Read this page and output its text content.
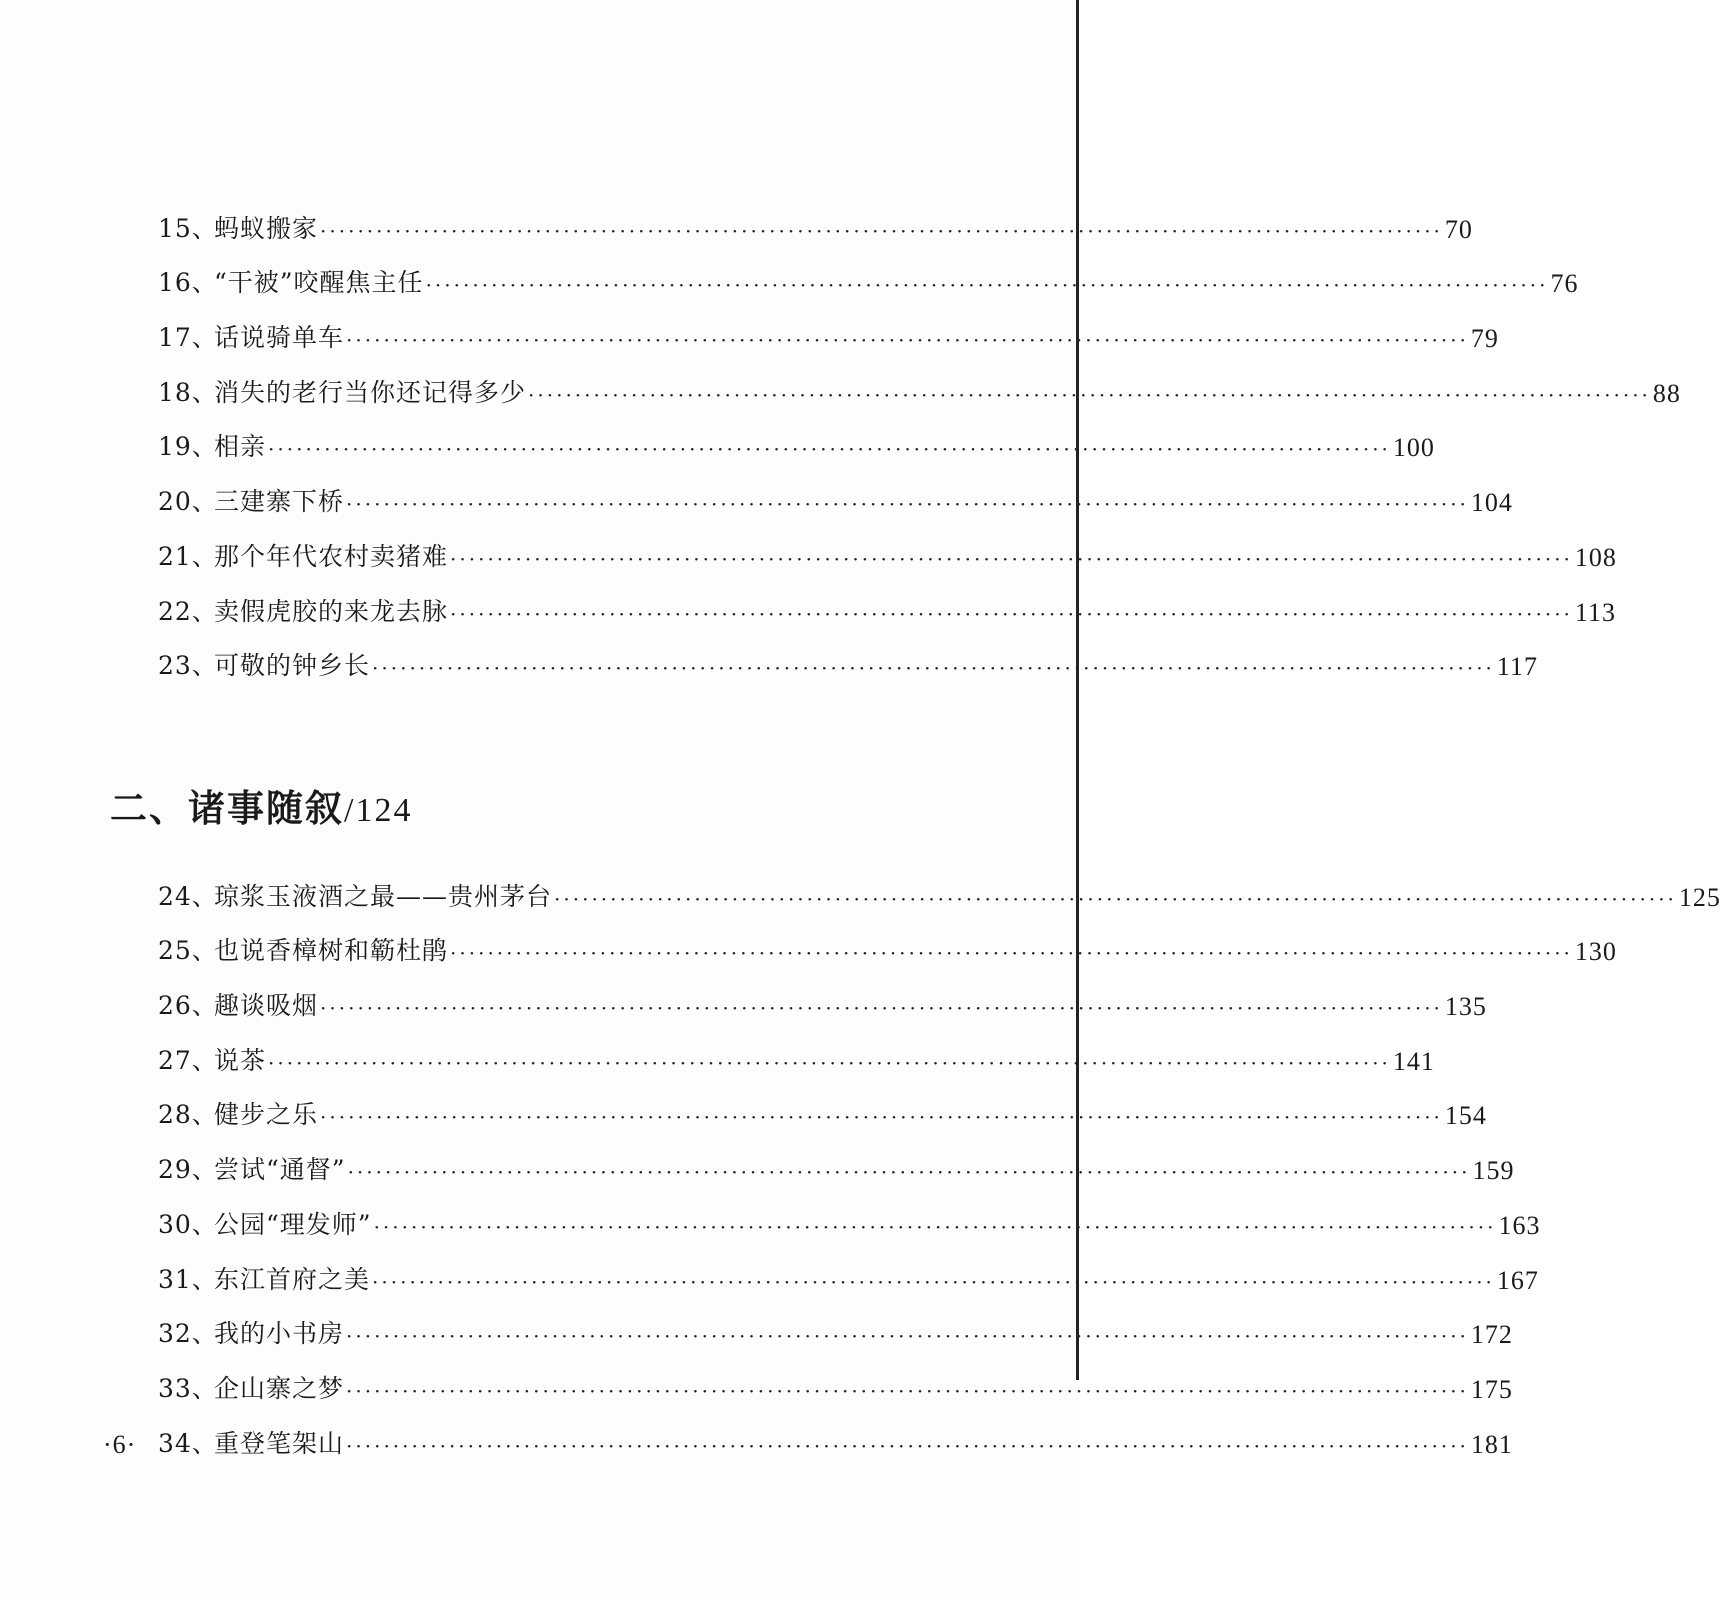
15、
蚂蚁搬家 ························································································································ 70
16、
“干被”咬醒焦主任 ························································································································ 76
17、
话说骑单车 ························································································································ 79
18、
消失的老行当你还记得多少 ························································································································ 88
19、
相亲 ························································································································ 100
20、
三建寨下桥 ························································································································ 104
21、
那个年代农村卖猪难 ························································································································ 108
22、
卖假虎胶的来龙去脉 ························································································································ 113
23、
可敬的钟乡长 ························································································································ 117
二、诸事随叙/124
24、
琼浆玉液酒之最——贵州茅台 ························································································································ 125
25、
也说香樟树和簕杜鹃 ························································································································ 130
26、
趣谈吸烟 ························································································································ 135
27、
说茶 ························································································································ 141
28、
健步之乐 ························································································································ 154
29、
尝试“通督” ························································································································ 159
30、
公园“理发师” ························································································································ 163
31、
东江首府之美 ························································································································ 167
32、
我的小书房 ························································································································ 172
33、
企山寨之梦 ························································································································ 175
34、
重登笔架山 ························································································································ 181
·6·
